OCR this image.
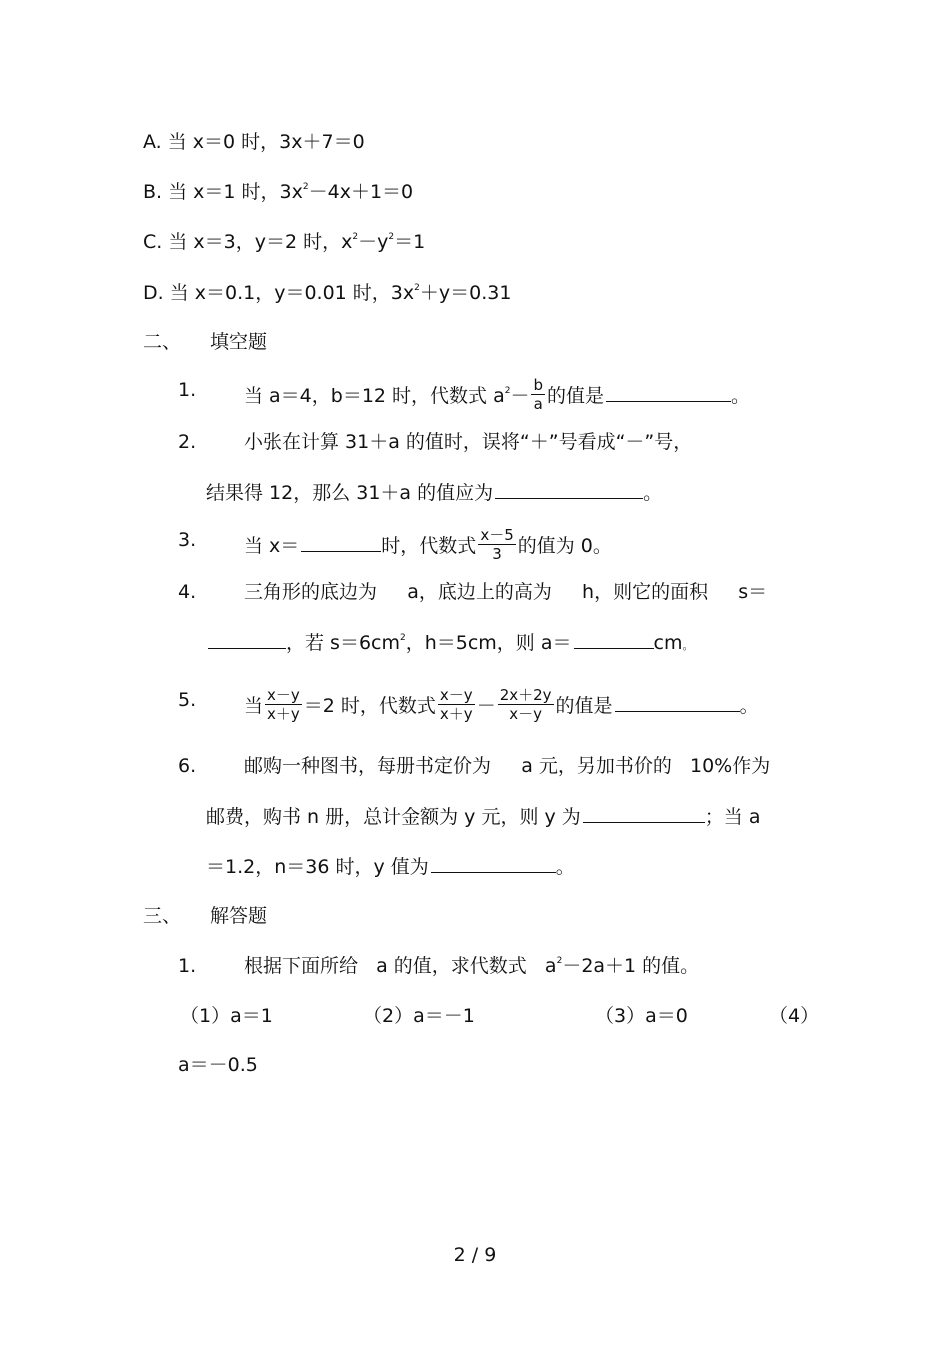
A. 当 x＝0 时，3x＋7＝0
B. 当 x＝1 时，$3x^2-4x+1=0$
C. 当 x＝3，y＝2 时，$x^2-y^2=1$
D. 当 x＝0.1，y＝0.01 时，$3x^2+y=0.31$
二、 填空题
1.	当 a＝4，b＝12 时，代数式 $a^2- \frac{b}{a}$ 的值是	。
2.	小张在计算 31＋a 的值时，误将“＋”号看成“－”号，
结果得 12，那么 31＋a 的值应为	。
3.	当 x＝	时，代数式 $\frac{x-5}{3}$ 的值为 0。
4.	三角形的底边为     a，底边上的高为     h，则它的面积     s＝
，若 $s=6cm^2$，h＝5cm，则 a＝	cm。
5.	当 $\frac{x-y}{x+y} =2$ 时，代数式 $\frac{x-y}{x+y} - \frac{2x+2y}{x-y}$ 的值是	。
6.	邮购一种图书，每册书定价为     a 元，另加书价的   10%作为
邮费，购书 n 册，总计金额为 y 元，则 y 为	；当 a
＝1.2，n＝36 时，y 值为	。
三、 解答题
1.	根据下面所给   a 的值，求代数式   $a^2-2a+1$ 的值。
（1）a＝1	（2）a＝－1	（3）a＝0	（4）
a＝－0.5
2 / 9
